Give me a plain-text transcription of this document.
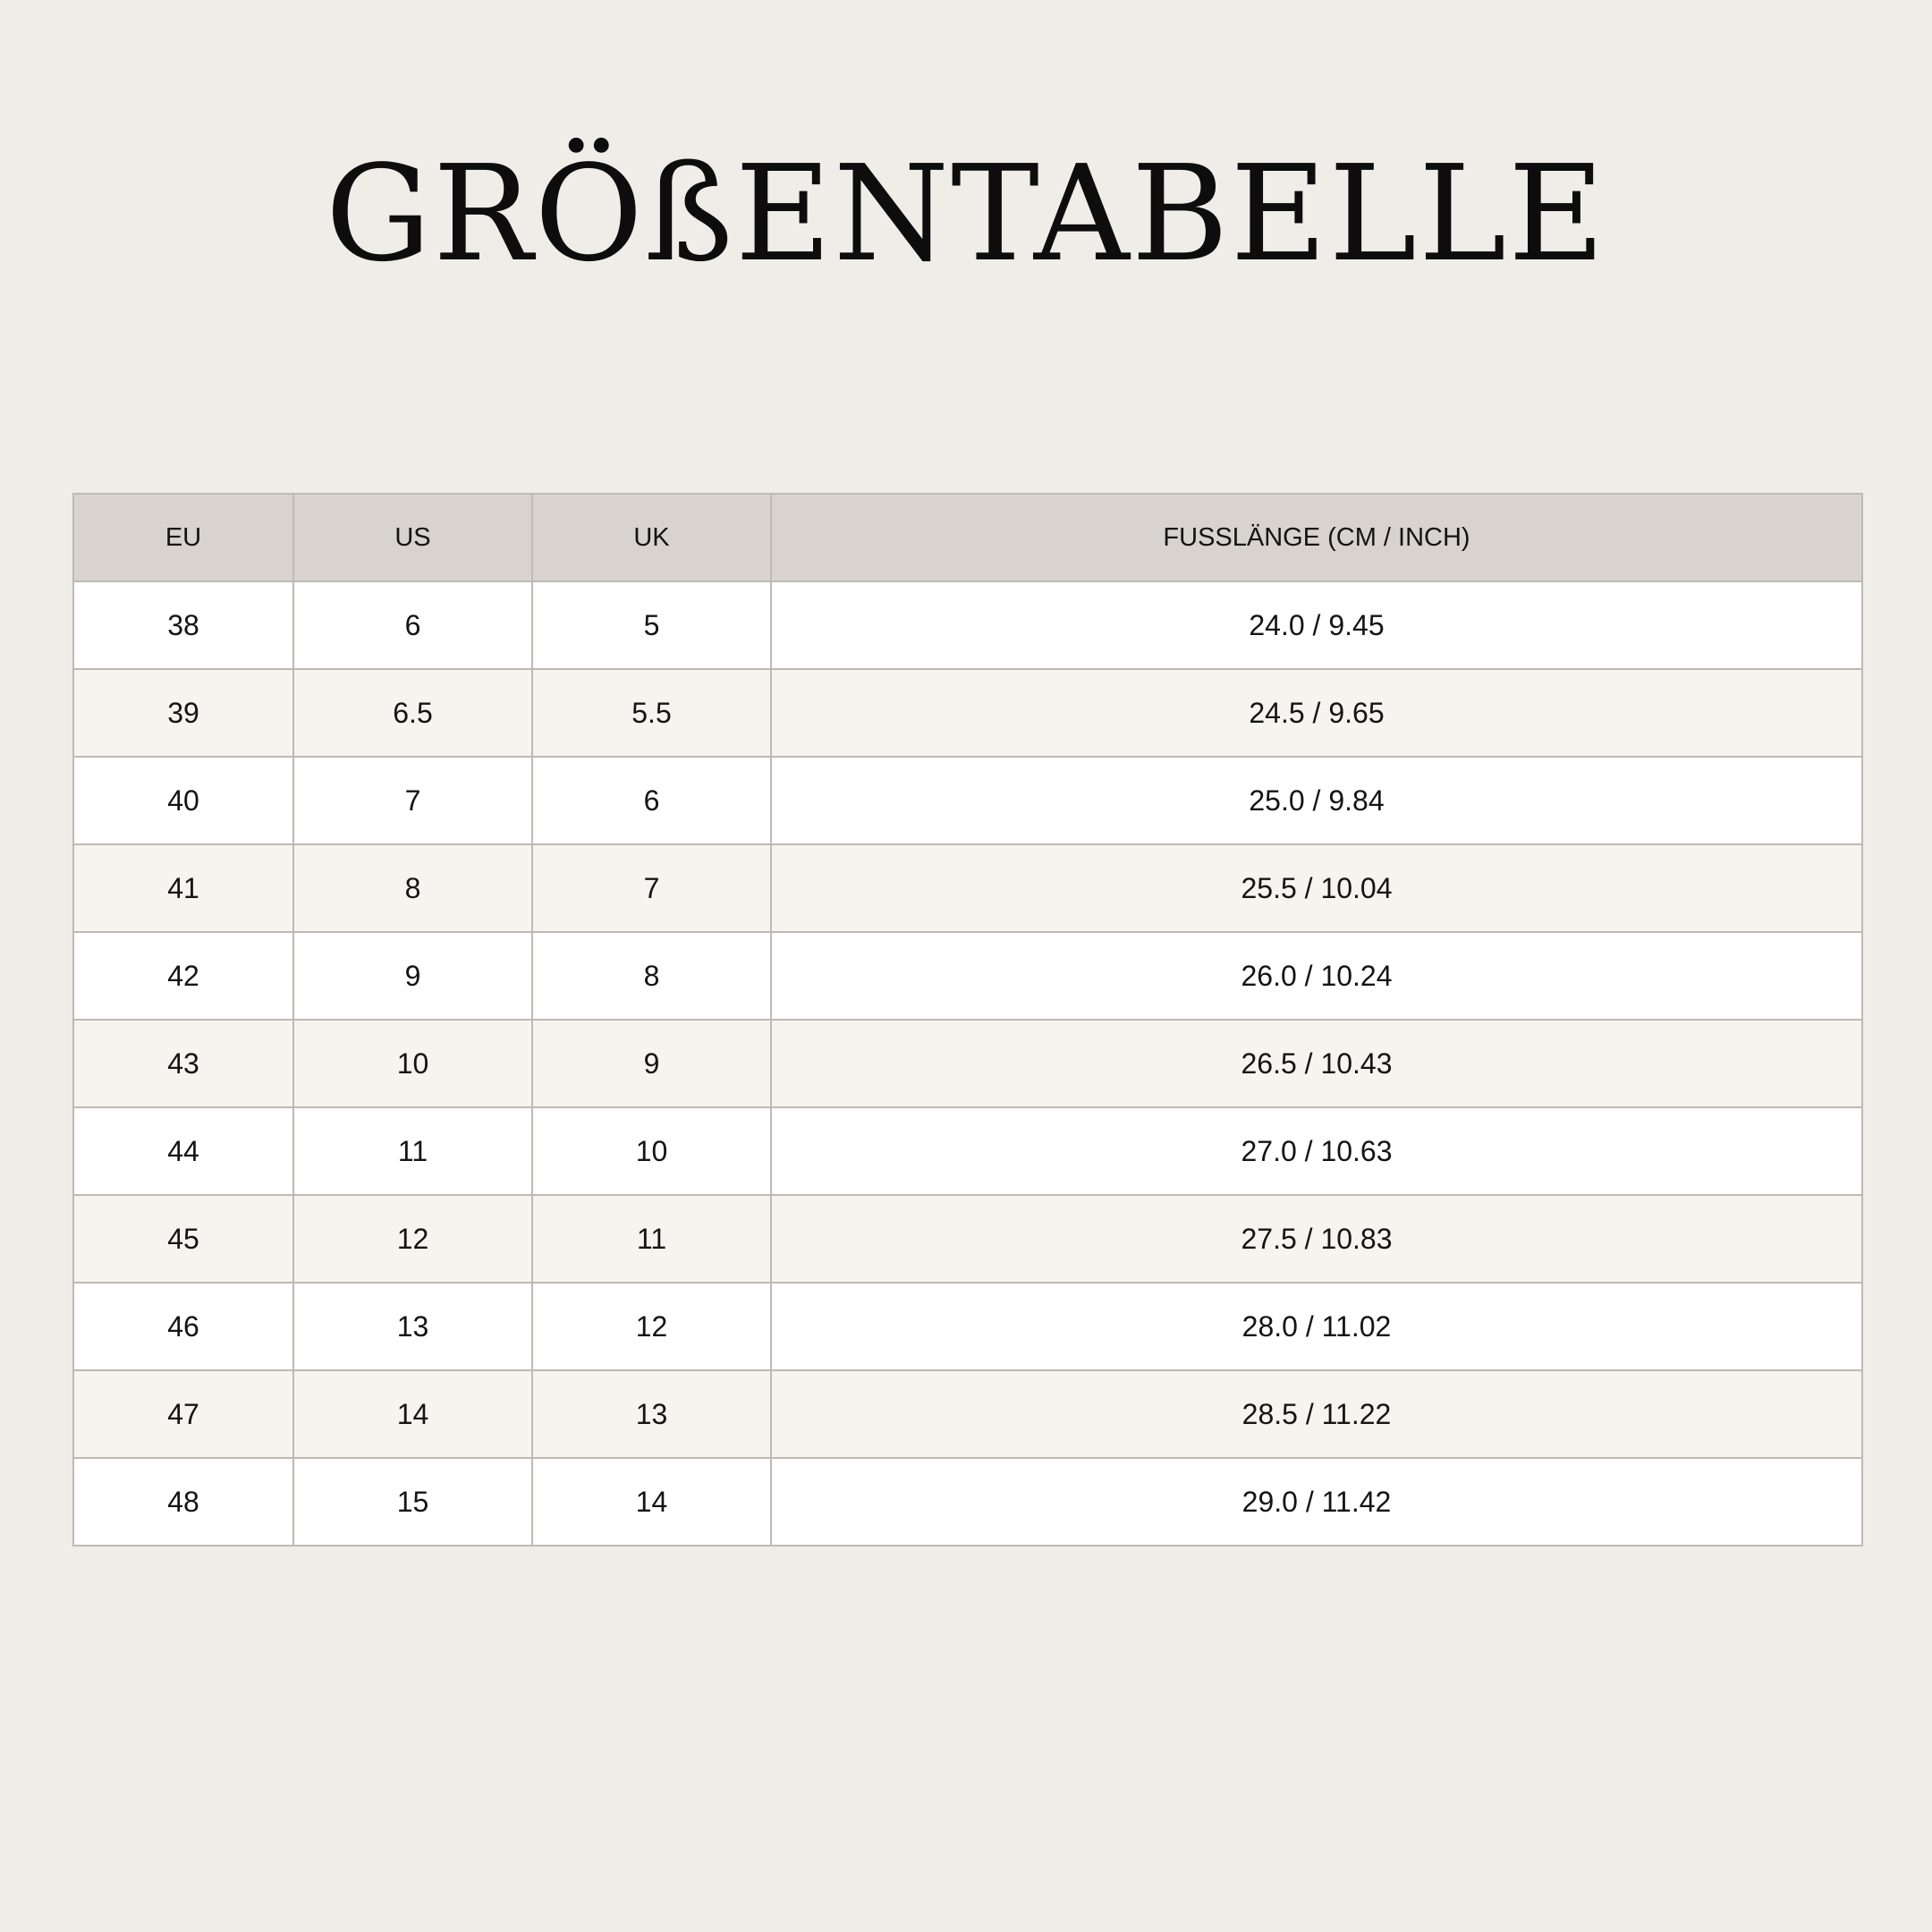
GRÖßENTABELLE
EU	US	UK	FUSSLÄNGE (CM / INCH)
38	6	5	24.0 / 9.45
39	6.5	5.5	24.5 / 9.65
40	7	6	25.0 / 9.84
41	8	7	25.5 / 10.04
42	9	8	26.0 / 10.24
43	10	9	26.5 / 10.43
44	11	10	27.0 / 10.63
45	12	11	27.5 / 10.83
46	13	12	28.0 / 11.02
47	14	13	28.5 / 11.22
48	15	14	29.0 / 11.42
